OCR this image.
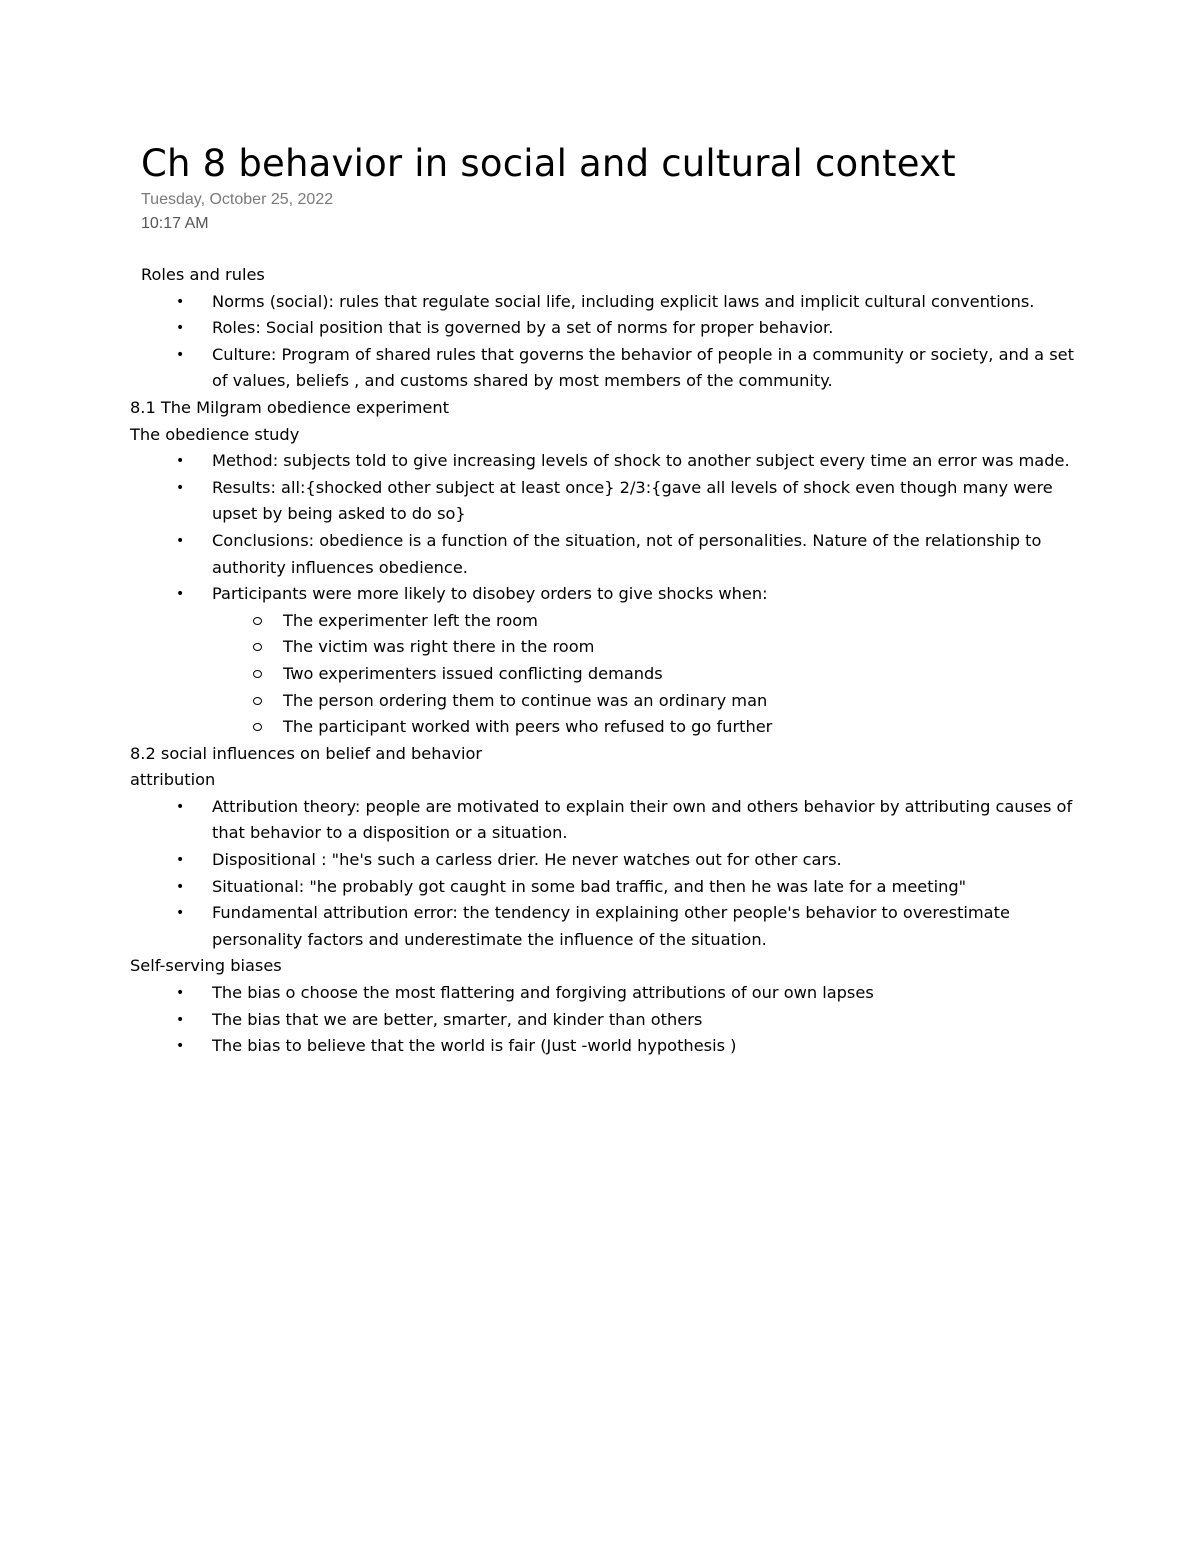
Ch 8 behavior in social and cultural context
Tuesday, October 25, 2022
10:17 AM
Roles and rules
• Norms (social): rules that regulate social life, including explicit laws and implicit cultural conventions.
• Roles: Social position that is governed by a set of norms for proper behavior.
• Culture: Program of shared rules that governs the behavior of people in a community or society, and a set of values, beliefs , and customs shared by most members of the community.
8.1 The Milgram obedience experiment
The obedience study
• Method: subjects told to give increasing levels of shock to another subject every time an error was made.
• Results: all:{shocked other subject at least once} 2/3:{gave all levels of shock even though many were upset by being asked to do so}
• Conclusions: obedience is a function of the situation, not of personalities. Nature of the relationship to authority influences obedience.
• Participants were more likely to disobey orders to give shocks when:
The experimenter left the room
The victim was right there in the room
Two experimenters issued conflicting demands
The person ordering them to continue was an ordinary man
The participant worked with peers who refused to go further
8.2 social influences on belief and behavior
attribution
• Attribution theory: people are motivated to explain their own and others behavior by attributing causes of that behavior to a disposition or a situation.
• Dispositional : "he's such a carless drier. He never watches out for other cars.
• Situational: "he probably got caught in some bad traffic, and then he was late for a meeting"
• Fundamental attribution error: the tendency in explaining other people's behavior to overestimate personality factors and underestimate the influence of the situation.
Self-serving biases
• The bias o choose the most flattering and forgiving attributions of our own lapses
• The bias that we are better, smarter, and kinder than others
• The bias to believe that the world is fair (Just -world hypothesis )
